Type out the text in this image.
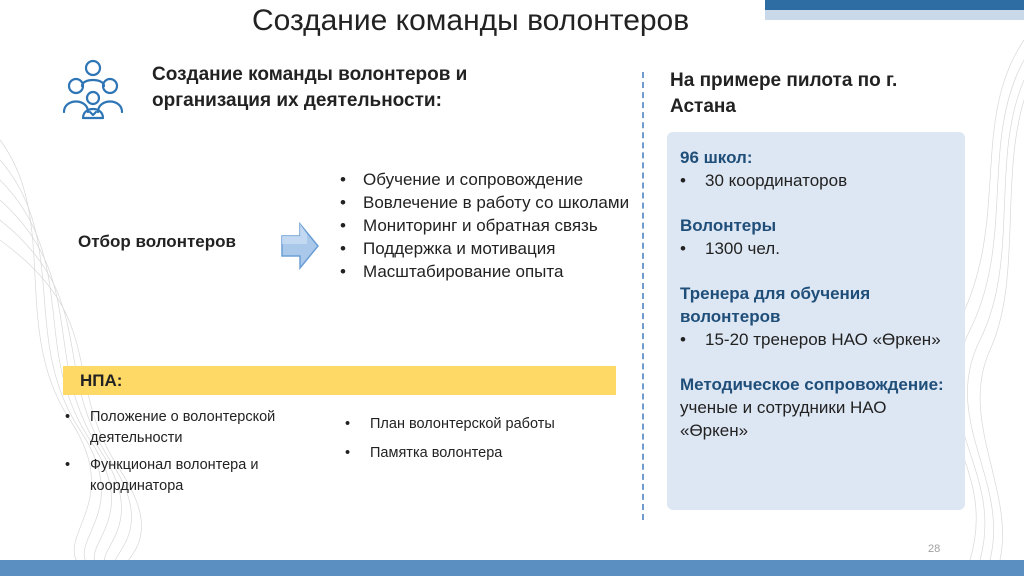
Создание команды волонтеров
Создание команды волонтеров и организация их деятельности:
Отбор волонтеров
• Обучение и сопровождение
• Вовлечение в работу со школами
• Мониторинг и обратная связь
• Поддержка и мотивация
• Масштабирование опыта
НПА:
• Положение о волонтерской деятельности
• Функционал волонтера и координатора
• План волонтерской работы
• Памятка волонтера
На примере пилота по г. Астана
96 школ:
• 30 координаторов
Волонтеры
• 1300 чел.
Тренера для обучения волонтеров
• 15-20 тренеров НАО «Өркен»
Методическое сопровождение: ученые и сотрудники НАО «Өркен»
28
